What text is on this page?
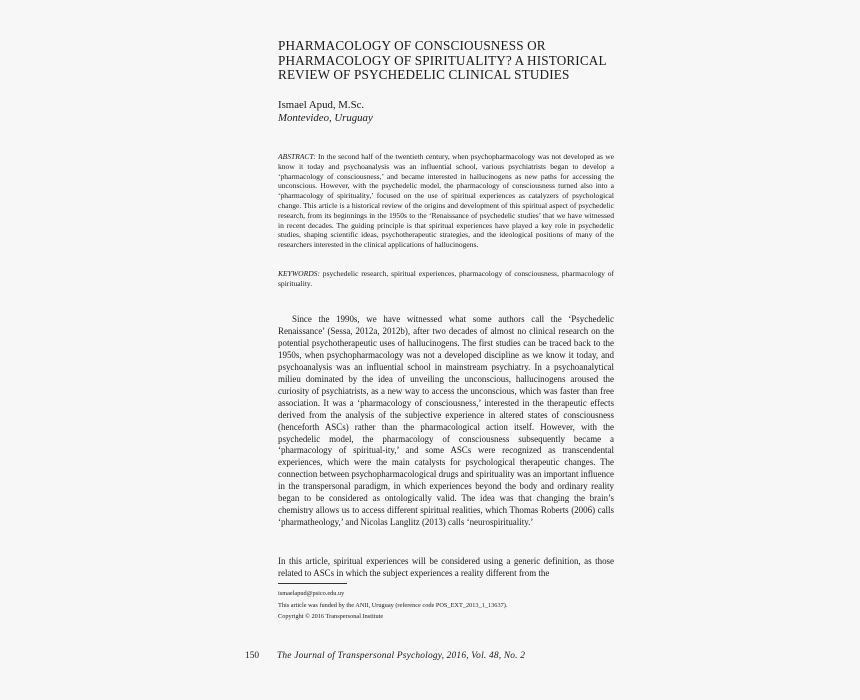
PHARMACOLOGY OF CONSCIOUSNESS OR
PHARMACOLOGY OF SPIRITUALITY? A HISTORICAL
REVIEW OF PSYCHEDELIC CLINICAL STUDIES
Ismael Apud, M.Sc.
Montevideo, Uruguay
ABSTRACT: In the second half of the twentieth century, when psychopharmacology was not developed as we know it today and psychoanalysis was an influential school, various psychiatrists began to develop a ‘pharmacology of consciousness,’ and became interested in hallucinogens as new paths for accessing the unconscious. However, with the psychedelic model, the pharmacology of consciousness turned also into a ‘pharmacology of spirituality,’ focused on the use of spiritual experiences as catalyzers of psychological change. This article is a historical review of the origins and development of this spiritual aspect of psychedelic research, from its beginnings in the 1950s to the ‘Renaissance of psychedelic studies’ that we have witnessed in recent decades. The guiding principle is that spiritual experiences have played a key role in psychedelic studies, shaping scientific ideas, psychotherapeutic strategies, and the ideological positions of many of the researchers interested in the clinical applications of hallucinogens.
KEYWORDS: psychedelic research, spiritual experiences, pharmacology of consciousness, pharmacology of spirituality.
Since the 1990s, we have witnessed what some authors call the ‘Psychedelic Renaissance’ (Sessa, 2012a, 2012b), after two decades of almost no clinical research on the potential psychotherapeutic uses of hallucinogens. The first studies can be traced back to the 1950s, when psychopharmacology was not a developed discipline as we know it today, and psychoanalysis was an influential school in mainstream psychiatry. In a psychoanalytical milieu dominated by the idea of unveiling the unconscious, hallucinogens aroused the curiosity of psychiatrists, as a new way to access the unconscious, which was faster than free association. It was a ‘pharmacology of consciousness,’ interested in the therapeutic effects derived from the analysis of the subjective experience in altered states of consciousness (henceforth ASCs) rather than the pharmacological action itself. However, with the psychedelic model, the pharmacology of consciousness subsequently became a ‘pharmacology of spiritual-ity,’ and some ASCs were recognized as transcendental experiences, which were the main catalysts for psychological therapeutic changes. The connection between psychopharmacological drugs and spirituality was an important influence in the transpersonal paradigm, in which experiences beyond the body and ordinary reality began to be considered as ontologically valid. The idea was that changing the brain’s chemistry allows us to access different spiritual realities, which Thomas Roberts (2006) calls ‘pharmatheology,’ and Nicolas Langlitz (2013) calls ‘neurospirituality.’
In this article, spiritual experiences will be considered using a generic definition, as those related to ASCs in which the subject experiences a reality different from the
ismaelapud@psico.edu.uy
This article was funded by the ANII, Uruguay (reference code POS_EXT_2013_1_13637).
Copyright © 2016 Transpersonal Institute
150 The Journal of Transpersonal Psychology, 2016, Vol. 48, No. 2
